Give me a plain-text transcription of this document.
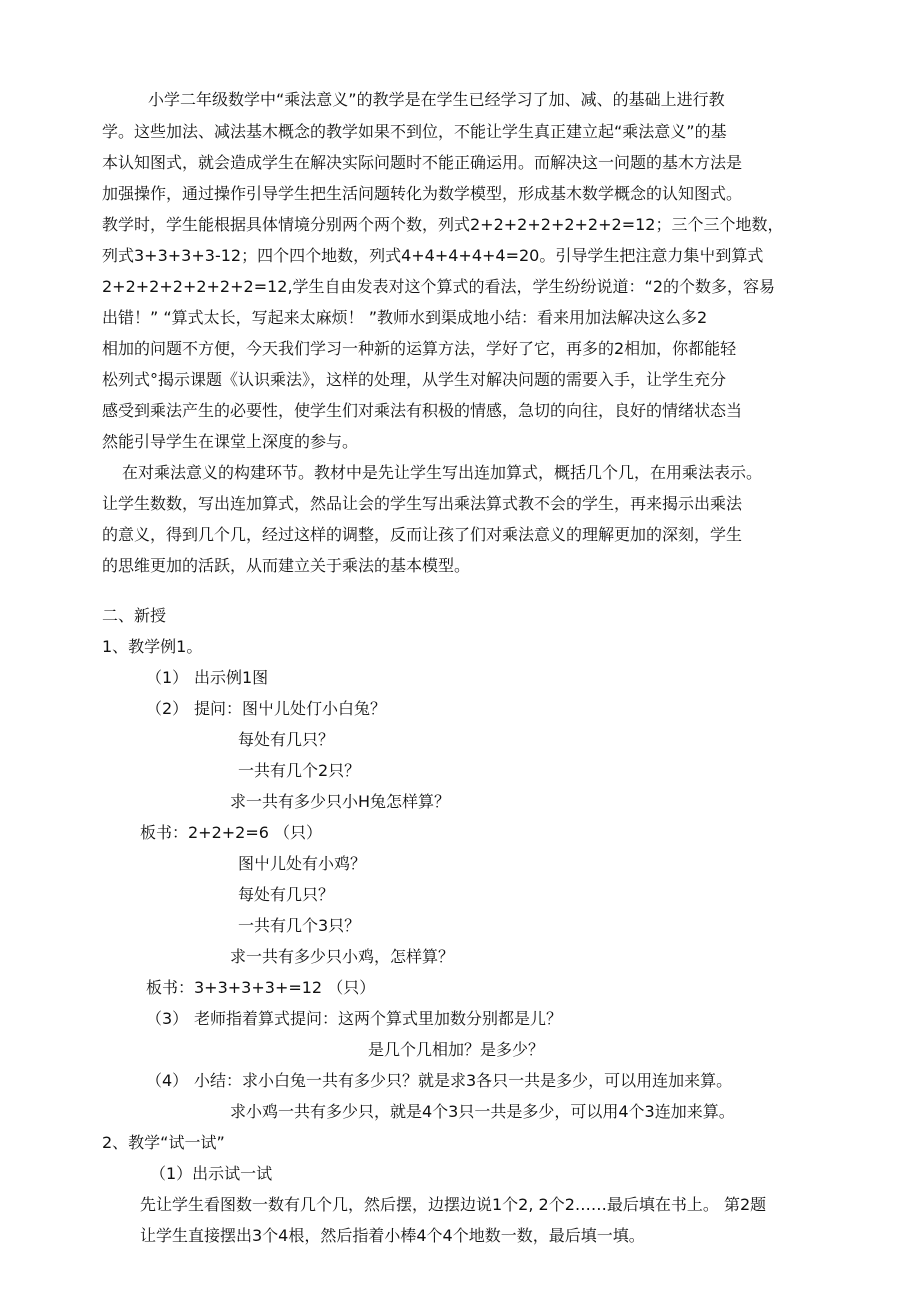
小学二年级数学中“乘法意义”的教学是在学生已经学习了加、减、的基础上进行教
学。这些加法、减法基木概念的教学如果不到位，不能让学生真正建立起“乘法意义”的基
本认知图式，就会造成学生在解决实际问题时不能正确运用。而解决这一问题的基木方法是
加强操作，通过操作引导学生把生活问题转化为数学模型，形成基木数学概念的认知图式。
教学时，学生能根据具体情境分别两个两个数，列式2+2+2+2+2+2+2=12；三个三个地数，
列式3+3+3+3-12；四个四个地数，列式4+4+4+4+4=20。引导学生把注意力集屮到算式
2+2+2+2+2+2+2=12,学生自由发表对这个算式的看法，学生纷纷说道：“2的个数多，容易
出错！” “算式太长，写起来太麻烦！ ”教师水到渠成地小结：看来用加法解决这么多2
相加的问题不方便，今天我们学习一种新的运算方法，学好了它，再多的2相加，你都能轻
松列式°揭示课题《认识乘法》，这样的处理，从学生对解决问题的需要入手，让学生充分
感受到乘法产生的必要性，使学生们对乘法有积极的情感，急切的向往，良好的情绪状态当
然能引导学生在课堂上深度的参与。
在对乘法意义的构建环节。教材中是先让学生写出连加算式，概括几个几，在用乘法表示。
让学生数数，写出连加算式，然品让会的学生写出乘法算式教不会的学生，再来揭示出乘法
的意义，得到几个几，经过这样的调整，反而让孩了们对乘法意义的理解更加的深刻，学生
的思维更加的活跃，从而建立关于乘法的基本模型。
二、新授
1、教学例1。
（1） 出示例1图
（2） 提问：图屮儿处仃小白兔？
每处有几只？
一共有几个2只？
求一共有多少只小H兔怎样算？
板书：2+2+2=6 （只）
图屮儿处有小鸡？
每处有几只？
一共有几个3只？
求一共有多少只小鸡，怎样算？
板书：3+3+3+3+=12 （只）
（3） 老师指着算式提问：这两个算式里加数分别都是儿？
是几个几相加？是多少？
（4） 小结：求小白兔一共有多少只？就是求3各只一共是多少，可以用连加来算。
求小鸡一共有多少只，就是4个3只一共是多少，可以用4个3连加来算。
2、教学“试一试”
（1）出示试一试
先让学生看图数一数有几个几，然后摆，边摆边说1个2, 2个2……最后填在书上。 第2题
让学生直接摆出3个4根，然后指着小棒4个4个地数一数，最后填一填。
